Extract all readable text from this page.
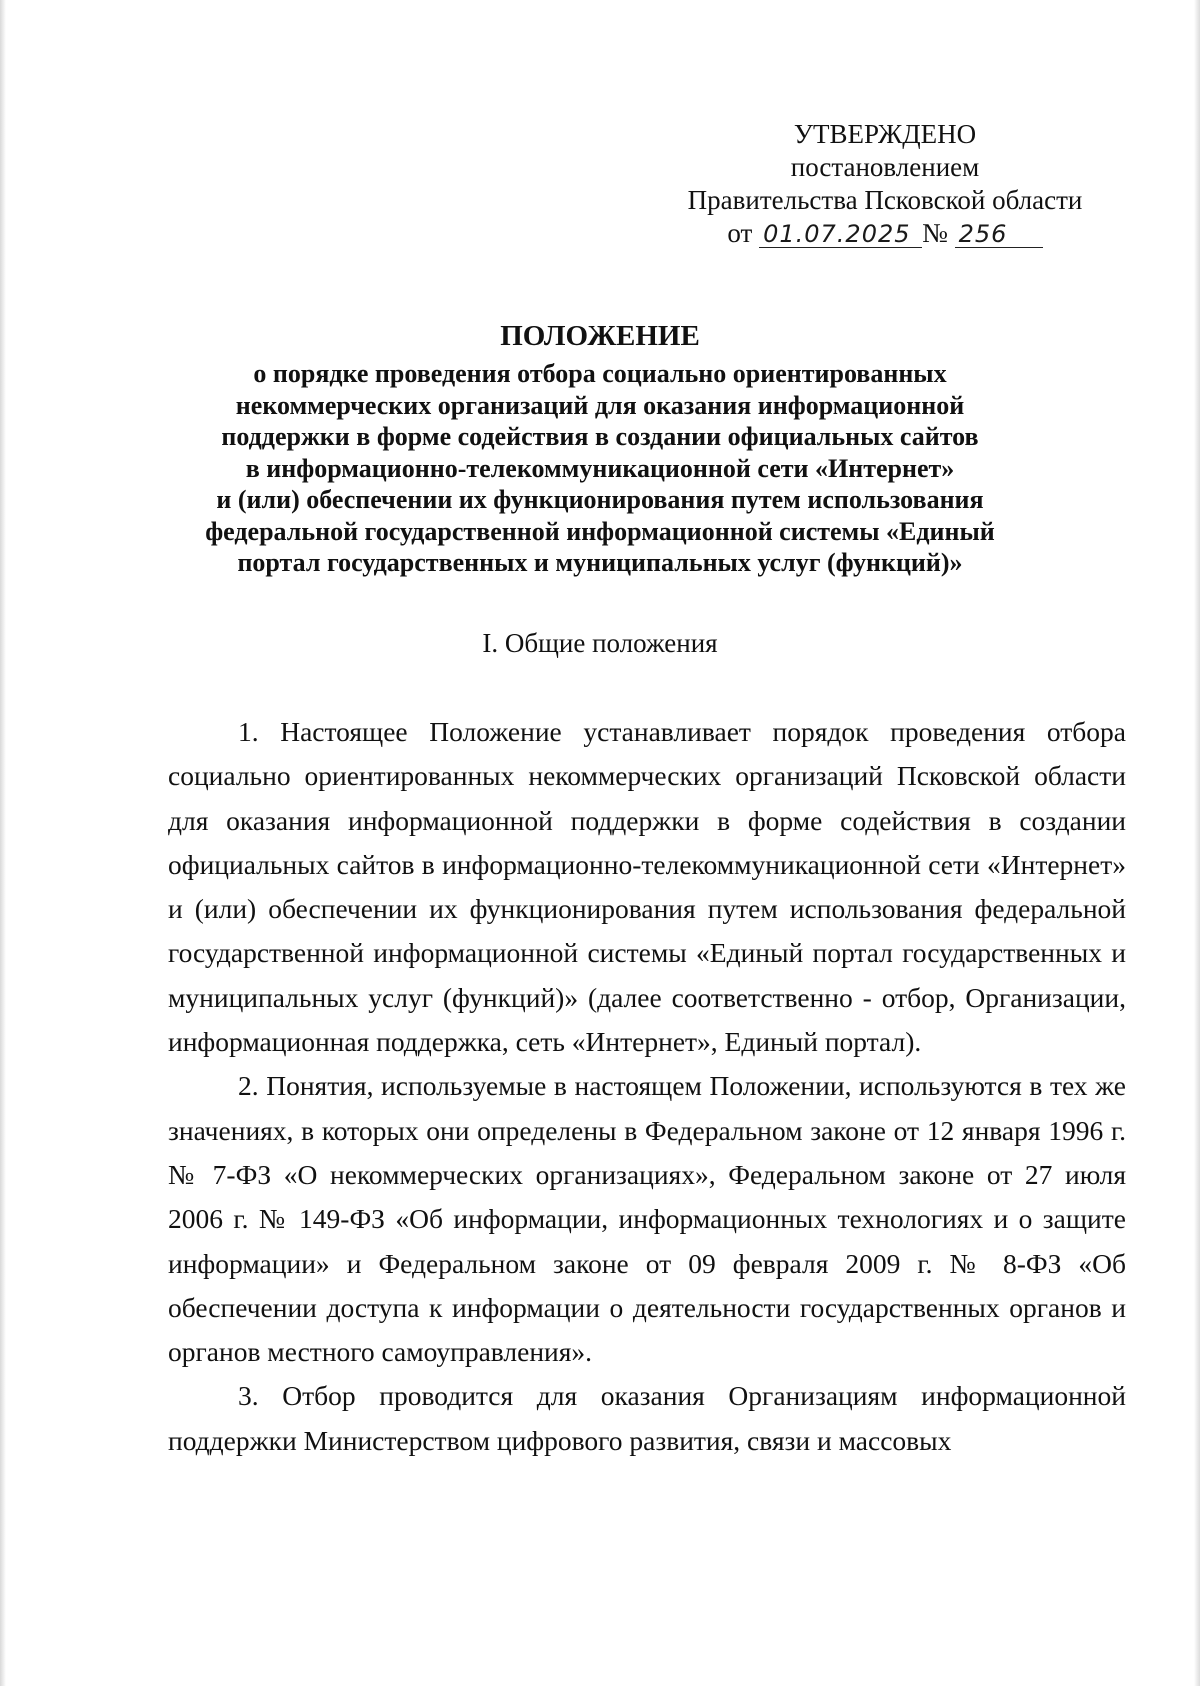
УТВЕРЖДЕНО
постановлением
Правительства Псковской области
от 01.07.2025 № 256
ПОЛОЖЕНИЕ
о порядке проведения отбора социально ориентированных
некоммерческих организаций для оказания информационной
поддержки в форме содействия в создании официальных сайтов
в информационно-телекоммуникационной сети «Интернет»
и (или) обеспечении их функционирования путем использования
федеральной государственной информационной системы «Единый
портал государственных и муниципальных услуг (функций)»
I. Общие положения

1. Настоящее Положение устанавливает порядок проведения отбора социально ориентированных некоммерческих организаций Псковской области для оказания информационной поддержки в форме содействия в создании официальных сайтов в информационно-телекоммуникационной сети «Интернет» и (или) обеспечении их функционирования путем использования федеральной государственной информационной системы «Единый портал государственных и муниципальных услуг (функций)» (далее соответственно - отбор, Организации, информационная поддержка, сеть «Интернет», Единый портал).

2. Понятия, используемые в настоящем Положении, используются в тех же значениях, в которых они определены в Федеральном законе от 12 января 1996 г. № 7-ФЗ «О некоммерческих организациях», Федеральном законе от 27 июля 2006 г. № 149-ФЗ «Об информации, информационных технологиях и о защите информации» и Федеральном законе от 09 февраля 2009 г. № 8-ФЗ «Об обеспечении доступа к информации о деятельности государственных органов и органов местного самоуправления».

3. Отбор проводится для оказания Организациям информационной поддержки Министерством цифрового развития, связи и массовых
